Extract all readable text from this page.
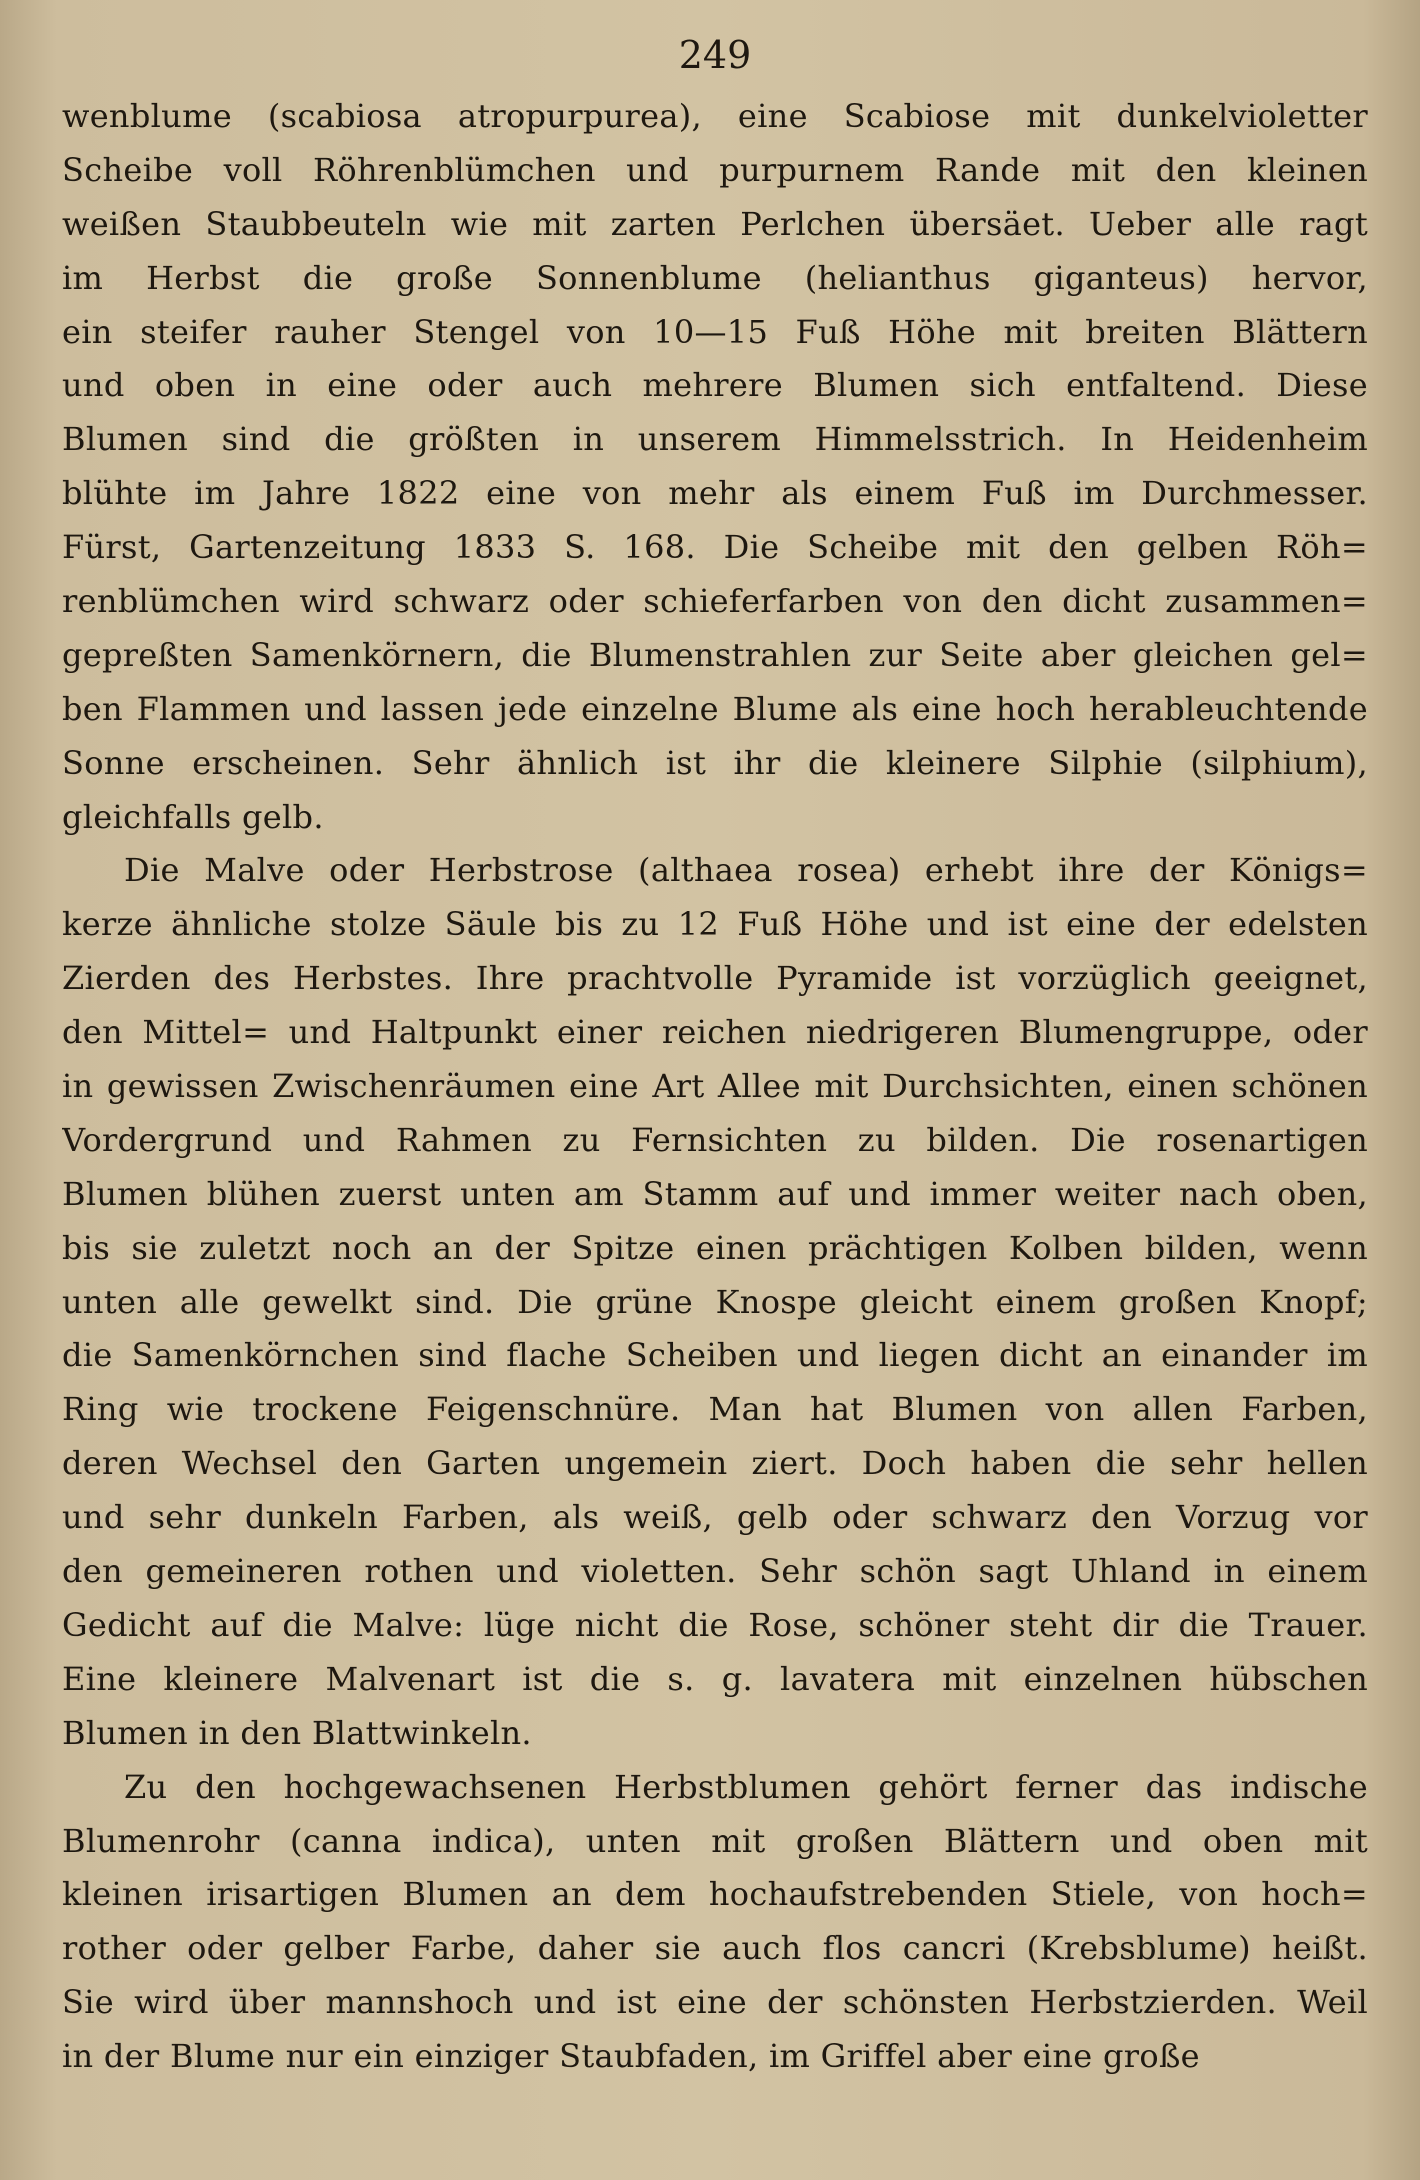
249
wenblume (scabiosa atropurpurea), eine Scabiose mit dunkelvioletter
Scheibe voll Röhrenblümchen und purpurnem Rande mit den kleinen
weißen Staubbeuteln wie mit zarten Perlchen übersäet. Ueber alle ragt
im Herbst die große Sonnenblume (helianthus giganteus) hervor,
ein steifer rauher Stengel von 10—15 Fuß Höhe mit breiten Blättern
und oben in eine oder auch mehrere Blumen sich entfaltend. Diese
Blumen sind die größten in unserem Himmelsstrich. In Heidenheim
blühte im Jahre 1822 eine von mehr als einem Fuß im Durchmesser.
Fürst, Gartenzeitung 1833 S. 168. Die Scheibe mit den gelben Röh=
renblümchen wird schwarz oder schieferfarben von den dicht zusammen=
gepreßten Samenkörnern, die Blumenstrahlen zur Seite aber gleichen gel=
ben Flammen und lassen jede einzelne Blume als eine hoch herableuchtende
Sonne erscheinen. Sehr ähnlich ist ihr die kleinere Silphie (silphium),
gleichfalls gelb.
Die Malve oder Herbstrose (althaea rosea) erhebt ihre der Königs=
kerze ähnliche stolze Säule bis zu 12 Fuß Höhe und ist eine der edelsten
Zierden des Herbstes. Ihre prachtvolle Pyramide ist vorzüglich geeignet,
den Mittel= und Haltpunkt einer reichen niedrigeren Blumengruppe, oder
in gewissen Zwischenräumen eine Art Allee mit Durchsichten, einen schönen
Vordergrund und Rahmen zu Fernsichten zu bilden. Die rosenartigen
Blumen blühen zuerst unten am Stamm auf und immer weiter nach oben,
bis sie zuletzt noch an der Spitze einen prächtigen Kolben bilden, wenn
unten alle gewelkt sind. Die grüne Knospe gleicht einem großen Knopf;
die Samenkörnchen sind flache Scheiben und liegen dicht an einander im
Ring wie trockene Feigenschnüre. Man hat Blumen von allen Farben,
deren Wechsel den Garten ungemein ziert. Doch haben die sehr hellen
und sehr dunkeln Farben, als weiß, gelb oder schwarz den Vorzug vor
den gemeineren rothen und violetten. Sehr schön sagt Uhland in einem
Gedicht auf die Malve: lüge nicht die Rose, schöner steht dir die Trauer.
Eine kleinere Malvenart ist die s. g. lavatera mit einzelnen hübschen
Blumen in den Blattwinkeln.
Zu den hochgewachsenen Herbstblumen gehört ferner das indische
Blumenrohr (canna indica), unten mit großen Blättern und oben mit
kleinen irisartigen Blumen an dem hochaufstrebenden Stiele, von hoch=
rother oder gelber Farbe, daher sie auch flos cancri (Krebsblume) heißt.
Sie wird über mannshoch und ist eine der schönsten Herbstzierden. Weil
in der Blume nur ein einziger Staubfaden, im Griffel aber eine große
